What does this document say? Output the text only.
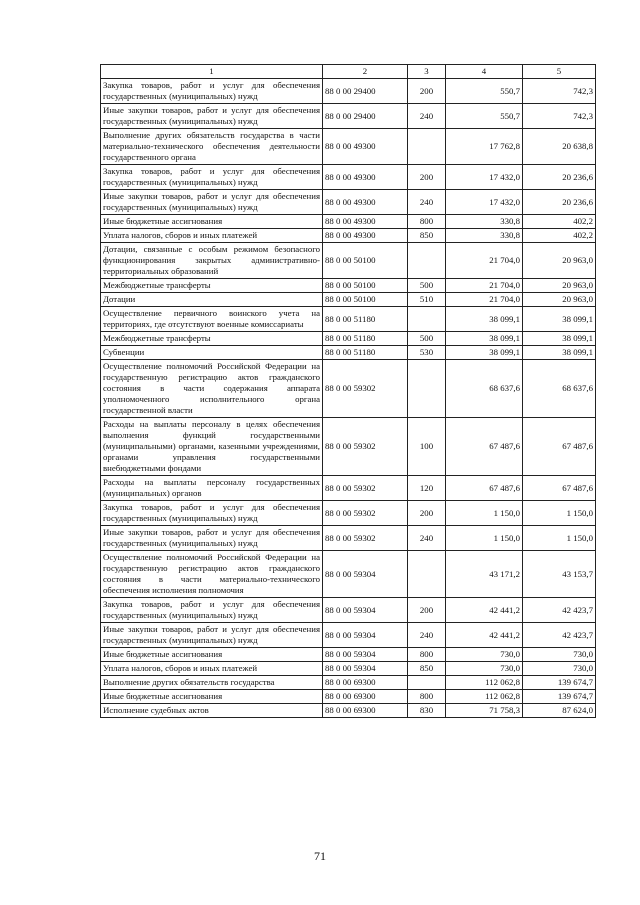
1	2	3	4	5
Закупка товаров, работ и услуг для обеспечения государственных (муниципальных) нужд	88 0 00 29400	200	550,7	742,3
Иные закупки товаров, работ и услуг для обеспечения государственных (муниципальных) нужд	88 0 00 29400	240	550,7	742,3
Выполнение других обязательств государства в части материально-технического обеспечения деятельности государственного органа	88 0 00 49300		17 762,8	20 638,8
Закупка товаров, работ и услуг для обеспечения государственных (муниципальных) нужд	88 0 00 49300	200	17 432,0	20 236,6
Иные закупки товаров, работ и услуг для обеспечения государственных (муниципальных) нужд	88 0 00 49300	240	17 432,0	20 236,6
Иные бюджетные ассигнования	88 0 00 49300	800	330,8	402,2
Уплата налогов, сборов и иных платежей	88 0 00 49300	850	330,8	402,2
Дотации, связанные с особым режимом безопасного функционирования закрытых административно-территориальных образований	88 0 00 50100		21 704,0	20 963,0
Межбюджетные трансферты	88 0 00 50100	500	21 704,0	20 963,0
Дотации	88 0 00 50100	510	21 704,0	20 963,0
Осуществление первичного воинского учета на территориях, где отсутствуют военные комиссариаты	88 0 00 51180		38 099,1	38 099,1
Межбюджетные трансферты	88 0 00 51180	500	38 099,1	38 099,1
Субвенции	88 0 00 51180	530	38 099,1	38 099,1
Осуществление полномочий Российской Федерации на государственную регистрацию актов гражданского состояния в части содержания аппарата уполномоченного исполнительного органа государственной власти	88 0 00 59302		68 637,6	68 637,6
Расходы на выплаты персоналу в целях обеспечения выполнения функций государственными (муниципальными) органами, казенными учреждениями, органами управления государственными внебюджетными фондами	88 0 00 59302	100	67 487,6	67 487,6
Расходы на выплаты персоналу государственных (муниципальных) органов	88 0 00 59302	120	67 487,6	67 487,6
Закупка товаров, работ и услуг для обеспечения государственных (муниципальных) нужд	88 0 00 59302	200	1 150,0	1 150,0
Иные закупки товаров, работ и услуг для обеспечения государственных (муниципальных) нужд	88 0 00 59302	240	1 150,0	1 150,0
Осуществление полномочий Российской Федерации на государственную регистрацию актов гражданского состояния в части материально-технического обеспечения исполнения полномочия	88 0 00 59304		43 171,2	43 153,7
Закупка товаров, работ и услуг для обеспечения государственных (муниципальных) нужд	88 0 00 59304	200	42 441,2	42 423,7
Иные закупки товаров, работ и услуг для обеспечения государственных (муниципальных) нужд	88 0 00 59304	240	42 441,2	42 423,7
Иные бюджетные ассигнования	88 0 00 59304	800	730,0	730,0
Уплата налогов, сборов и иных платежей	88 0 00 59304	850	730,0	730,0
Выполнение других обязательств государства	88 0 00 69300		112 062,8	139 674,7
Иные бюджетные ассигнования	88 0 00 69300	800	112 062,8	139 674,7
Исполнение судебных актов	88 0 00 69300	830	71 758,3	87 624,0
71
